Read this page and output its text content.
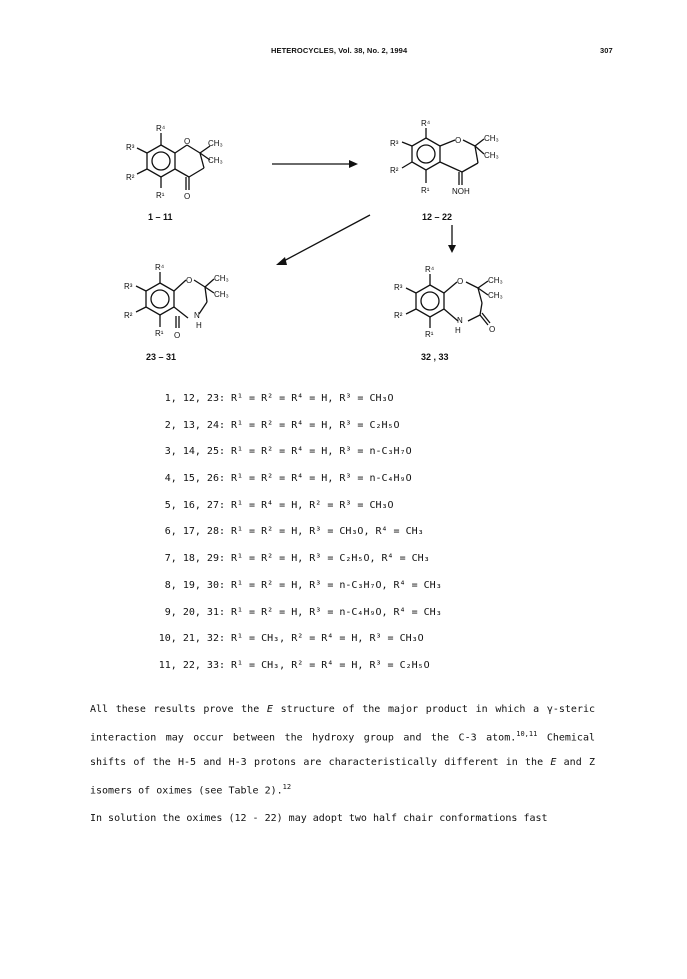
HETEROCYCLES, Vol. 38, No. 2, 1994	307
R⁴
R³
R²
R¹
O CH₃
CH₃
O
R⁴
R³
R²
R¹
O	CH₃
CH₃
NOH
R⁴
R³
R²
R¹
O	CH₃
CH₃
N
H
O
R⁴
R³
R²
R¹
O	CH₃
CH₃
N
H	O
1 – 11	12 – 22
23 – 31	32 , 33
1, 12, 23: R¹ = R² = R⁴ = H, R³ = CH₃O
2, 13, 24: R¹ = R² = R⁴ = H, R³ = C₂H₅O
3, 14, 25: R¹ = R² = R⁴ = H, R³ = n-C₃H₇O
4, 15, 26: R¹ = R² = R⁴ = H, R³ = n-C₄H₉O
5, 16, 27: R¹ = R⁴ = H, R² = R³ = CH₃O
6, 17, 28: R¹ = R² = H, R³ = CH₃O, R⁴ = CH₃
7, 18, 29: R¹ = R² = H, R³ = C₂H₅O, R⁴ = CH₃
8, 19, 30: R¹ = R² = H, R³ = n-C₃H₇O, R⁴ = CH₃
9, 20, 31: R¹ = R² = H, R³ = n-C₄H₉O, R⁴ = CH₃
10, 21, 32: R¹ = CH₃, R² = R⁴ = H, R³ = CH₃O
11, 22, 33: R¹ = CH₃, R² = R⁴ = H, R³ = C₂H₅O

All these results prove the E structure of the major product in which a γ-steric interaction may occur between the hydroxy group and the C-3 atom.$^{10,11}$ Chemical shifts of the H-5 and H-3 protons are characteristically different in the E and Z isomers of oximes (see Table 2).$^{12}$

In solution the oximes (12 - 22) may adopt two half chair conformations fast
